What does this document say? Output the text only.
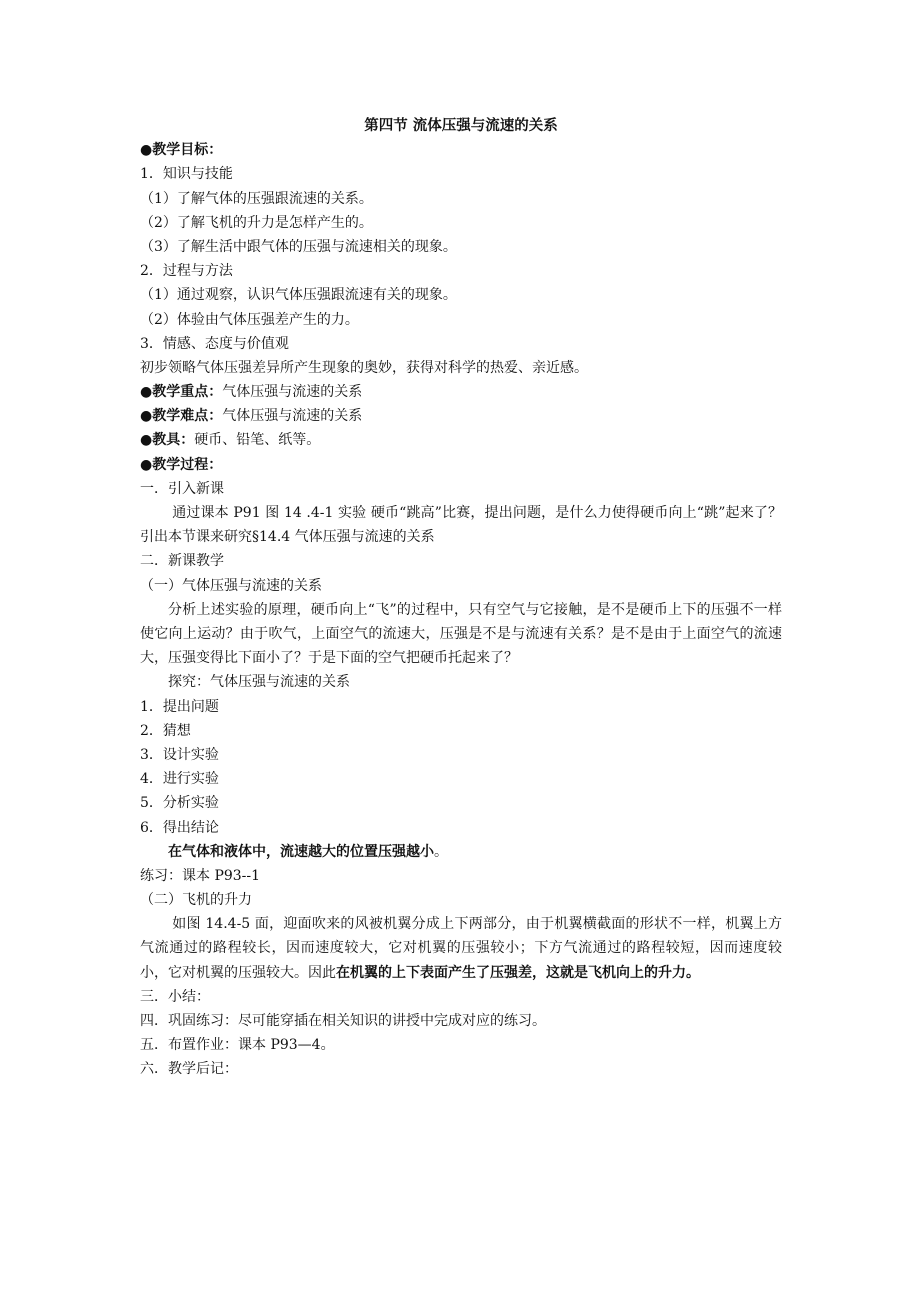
第四节 流体压强与流速的关系

●教学目标：

1．知识与技能

（1）了解气体的压强跟流速的关系。

（2）了解飞机的升力是怎样产生的。

（3）了解生活中跟气体的压强与流速相关的现象。

2．过程与方法

（1）通过观察，认识气体压强跟流速有关的现象。

（2）体验由气体压强差产生的力。

3．情感、态度与价值观

初步领略气体压强差异所产生现象的奥妙，获得对科学的热爱、亲近感。

●教学重点：气体压强与流速的关系

●教学难点：气体压强与流速的关系

●教具：硬币、铅笔、纸等。

●教学过程：

一．引入新课

通过课本 P91 图 14 .4-1 实验 硬币“跳高”比赛，提出问题，是什么力使得硬币向上“跳”起来了？引出本节课来研究§14.4 气体压强与流速的关系

二．新课教学

（一）气体压强与流速的关系

分析上述实验的原理，硬币向上“飞”的过程中，只有空气与它接触，是不是硬币上下的压强不一样使它向上运动？由于吹气，上面空气的流速大，压强是不是与流速有关系？是不是由于上面空气的流速大，压强变得比下面小了？于是下面的空气把硬币托起来了？

探究：气体压强与流速的关系

1．提出问题

2．猜想

3．设计实验

4．进行实验

5．分析实验

6．得出结论

在气体和液体中，流速越大的位置压强越小。

练习：课本 P93--1

（二）飞机的升力

如图 14.4-5 面，迎面吹来的风被机翼分成上下两部分，由于机翼横截面的形状不一样，机翼上方气流通过的路程较长，因而速度较大，它对机翼的压强较小；下方气流通过的路程较短，因而速度较小，它对机翼的压强较大。因此在机翼的上下表面产生了压强差，这就是飞机向上的升力。

三．小结：

四．巩固练习：尽可能穿插在相关知识的讲授中完成对应的练习。

五．布置作业：课本 P93—4。

六．教学后记：
